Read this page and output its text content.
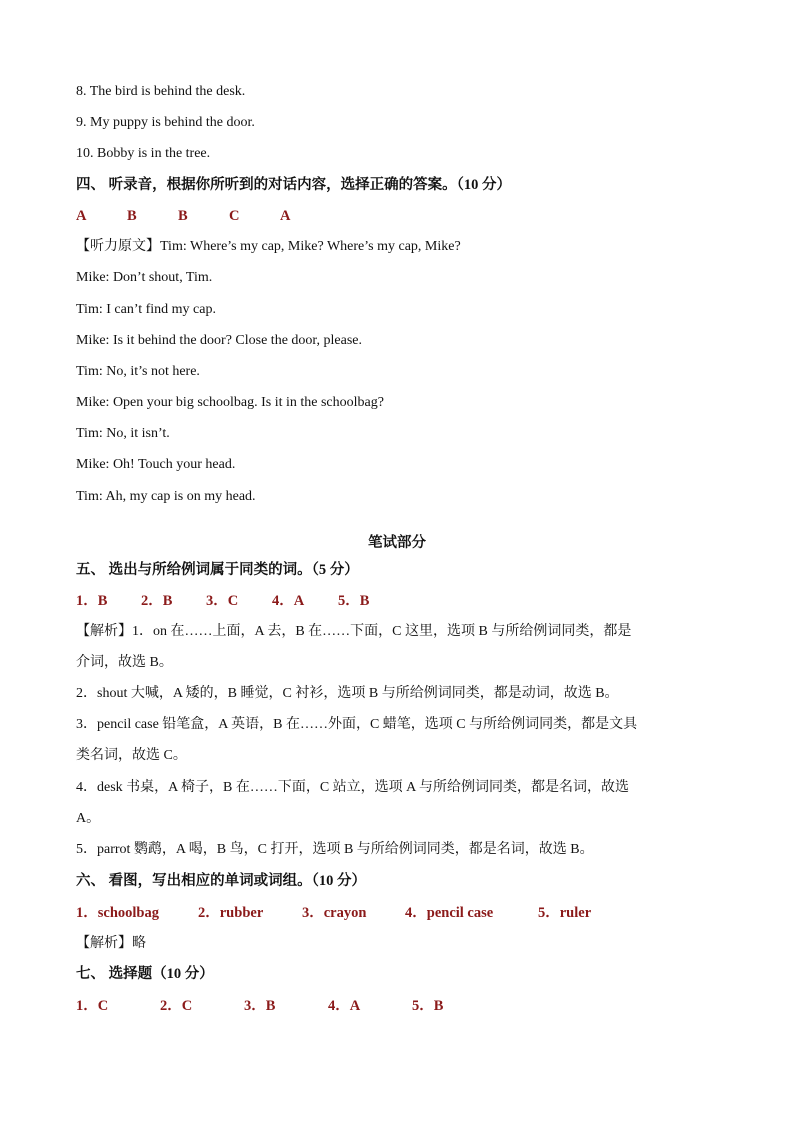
8. The bird is behind the desk.
9. My puppy is behind the door.
10. Bobby is in the tree.
四、 听录音，根据你所听到的对话内容，选择正确的答案。（10 分）
A	B	B	C	A
【听力原文】Tim: Where’s my cap, Mike? Where’s my cap, Mike?
Mike: Don’t shout, Tim.
Tim: I can’t find my cap.
Mike: Is it behind the door? Close the door, please.
Tim: No, it’s not here.
Mike: Open your big schoolbag. Is it in the schoolbag?
Tim: No, it isn’t.
Mike: Oh! Touch your head.
Tim: Ah, my cap is on my head.
笔试部分
五、 选出与所给例词属于同类的词。（5 分）
1．B 2．B 3．C 4．A 5．B
【解析】1．on 在……上面，A 去，B 在……下面，C 这里，选项 B 与所给例词同类，都是
介词，故选 B。
2．shout 大喊，A 矮的，B 睡觉，C 衬衫，选项 B 与所给例词同类，都是动词，故选 B。
3．pencil case 铅笔盒，A 英语，B 在……外面，C 蜡笔，选项 C 与所给例词同类，都是文具
类名词，故选 C。
4．desk 书桌，A 椅子，B 在……下面，C 站立，选项 A 与所给例词同类，都是名词，故选
A。
5．parrot 鹦鹉，A 喝，B 鸟，C 打开，选项 B 与所给例词同类，都是名词，故选 B。
六、 看图，写出相应的单词或词组。（10 分）
1．schoolbag	2．rubber	3．crayon	4．pencil case	5．ruler
【解析】略
七、 选择题（10 分）
1．C	2．C	3．B	4．A	5．B
